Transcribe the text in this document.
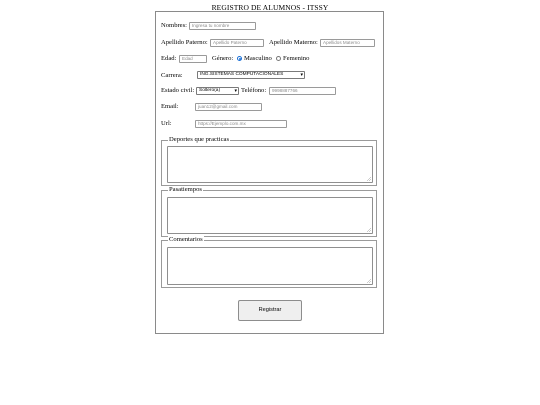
REGISTRO DE ALUMNOS - ITSSY
Nombres:	Ingresa tu nombre
Apellido Paterno:	Apellido Paterno	Apellido Materno:	Apellidos Materno
Edad:	Edad	Género: Masculino Femenino
Carrera:	ING.SISTEMAS COMPUTACIONALES	▾
Estado civil:	Soltero(a)	▾ Teléfono:	9998887766
Email:	juan12@gmail.com
Url:	https://Ejemplo.com.mx
Deportes que practicas
Pasatiempos
Comentarios
Registrar
